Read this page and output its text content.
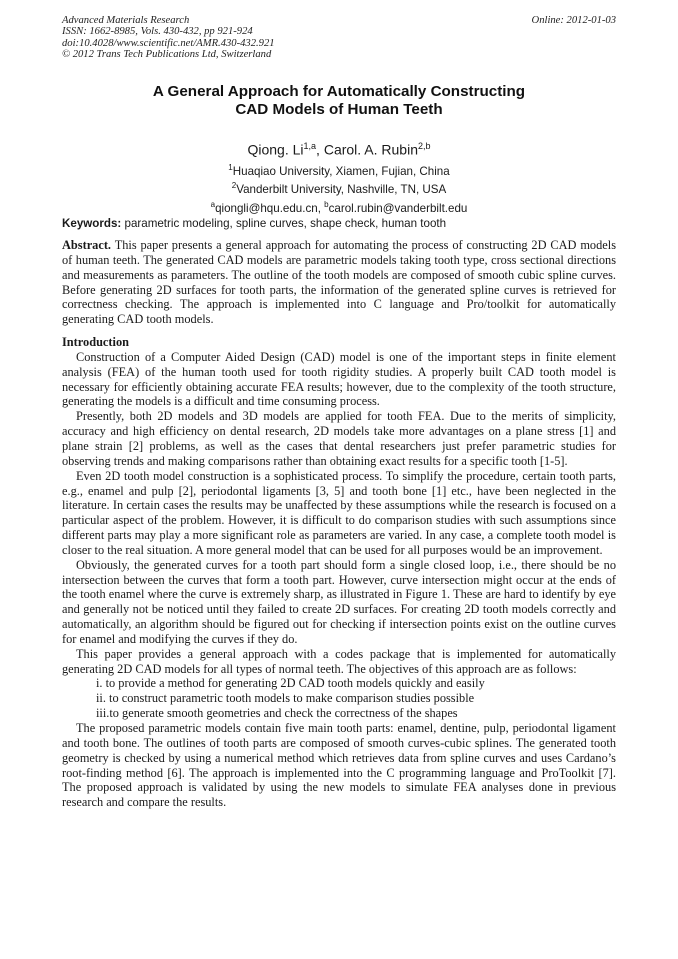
Advanced Materials Research
ISSN: 1662-8985, Vols. 430-432, pp 921-924
doi:10.4028/www.scientific.net/AMR.430-432.921
© 2012 Trans Tech Publications Ltd, Switzerland
Online: 2012-01-03
A General Approach for Automatically Constructing
CAD Models of Human Teeth
Qiong. Li$^{1,a}$, Carol. A. Rubin$^{2,b}$
$^1$Huaqiao University, Xiamen, Fujian, China
$^2$Vanderbilt University, Nashville, TN, USA
$^a$qiongli@hqu.edu.cn, $^b$carol.rubin@vanderbilt.edu
Keywords: parametric modeling, spline curves, shape check, human tooth

Abstract. This paper presents a general approach for automating the process of constructing 2D CAD models of human teeth. The generated CAD models are parametric models taking tooth type, cross sectional directions and measurements as parameters. The outline of the tooth models are composed of smooth cubic spline curves. Before generating 2D surfaces for tooth parts, the information of the generated spline curves is retrieved for correctness checking. The approach is implemented into C language and Pro/toolkit for automatically generating CAD tooth models.

Introduction

Construction of a Computer Aided Design (CAD) model is one of the important steps in finite element analysis (FEA) of the human tooth used for tooth rigidity studies. A properly built CAD tooth model is necessary for efficiently obtaining accurate FEA results; however, due to the complexity of the tooth structure, generating the models is a difficult and time consuming process.

Presently, both 2D models and 3D models are applied for tooth FEA. Due to the merits of simplicity, accuracy and high efficiency on dental research, 2D models take more advantages on a plane stress [1] and plane strain [2] problems, as well as the cases that dental researchers just prefer parametric studies for observing trends and making comparisons rather than obtaining exact results for a specific tooth [1-5].

Even 2D tooth model construction is a sophisticated process. To simplify the procedure, certain tooth parts, e.g., enamel and pulp [2], periodontal ligaments [3, 5] and tooth bone [1] etc., have been neglected in the literature. In certain cases the results may be unaffected by these assumptions while the research is focused on a particular aspect of the problem. However, it is difficult to do comparison studies with such assumptions since different parts may play a more significant role as parameters are varied. In any case, a complete tooth model is closer to the real situation. A more general model that can be used for all purposes would be an improvement.

Obviously, the generated curves for a tooth part should form a single closed loop, i.e., there should be no intersection between the curves that form a tooth part. However, curve intersection might occur at the ends of the tooth enamel where the curve is extremely sharp, as illustrated in Figure 1. These are hard to identify by eye and generally not be noticed until they failed to create 2D surfaces. For creating 2D tooth models correctly and automatically, an algorithm should be figured out for checking if intersection points exist on the outline curves for enamel and modifying the curves if they do.

This paper provides a general approach with a codes package that is implemented for automatically generating 2D CAD models for all types of normal teeth. The objectives of this approach are as follows:

i. to provide a method for generating 2D CAD tooth models quickly and easily
ii. to construct parametric tooth models to make comparison studies possible
iii.to generate smooth geometries and check the correctness of the shapes

The proposed parametric models contain five main tooth parts: enamel, dentine, pulp, periodontal ligament and tooth bone. The outlines of tooth parts are composed of smooth curves-cubic splines. The generated tooth geometry is checked by using a numerical method which retrieves data from spline curves and uses Cardano’s root-finding method [6]. The approach is implemented into the C programming language and ProToolkit [7]. The proposed approach is validated by using the new models to simulate FEA analyses done in previous research and compare the results.
